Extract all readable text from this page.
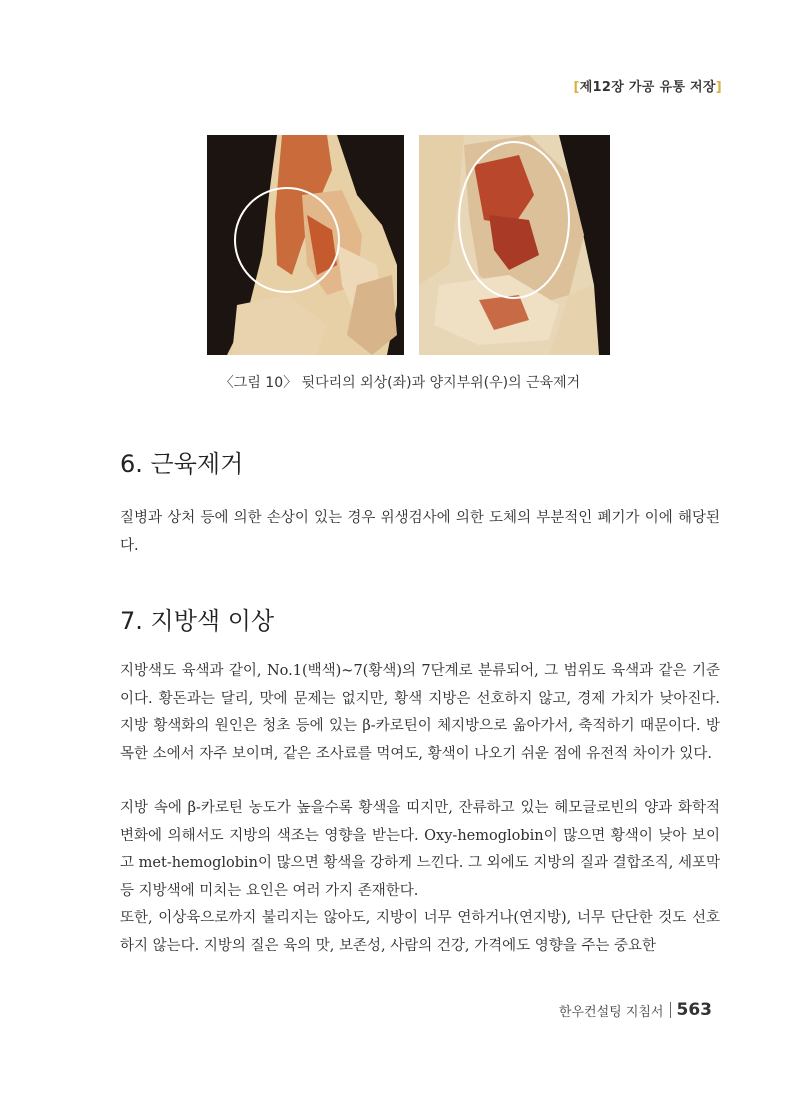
[제12장 가공 유통 저장]
〈그림 10〉 뒷다리의 외상(좌)과 양지부위(우)의 근육제거
6. 근육제거

질병과 상처 등에 의한 손상이 있는 경우 위생검사에 의한 도체의 부분적인 폐기가 이에 해당된다.

7. 지방색 이상

지방색도 육색과 같이, No.1(백색)~7(황색)의 7단계로 분류되어, 그 범위도 육색과 같은 기준이다. 황돈과는 달리, 맛에 문제는 없지만, 황색 지방은 선호하지 않고, 경제 가치가 낮아진다. 지방 황색화의 원인은 청초 등에 있는 β-카로틴이 체지방으로 옮아가서, 축적하기 때문이다. 방목한 소에서 자주 보이며, 같은 조사료를 먹여도, 황색이 나오기 쉬운 점에 유전적 차이가 있다.

지방 속에 β-카로틴 농도가 높을수록 황색을 띠지만, 잔류하고 있는 헤모글로빈의 양과 화학적 변화에 의해서도 지방의 색조는 영향을 받는다. Oxy-hemoglobin이 많으면 황색이 낮아 보이고 met-hemoglobin이 많으면 황색을 강하게 느낀다. 그 외에도 지방의 질과 결합조직, 세포막 등 지방색에 미치는 요인은 여러 가지 존재한다.

또한, 이상육으로까지 불리지는 않아도, 지방이 너무 연하거나(연지방), 너무 단단한 것도 선호하지 않는다. 지방의 질은 육의 맛, 보존성, 사람의 건강, 가격에도 영향을 주는 중요한

한우컨설팅 지침서 563
